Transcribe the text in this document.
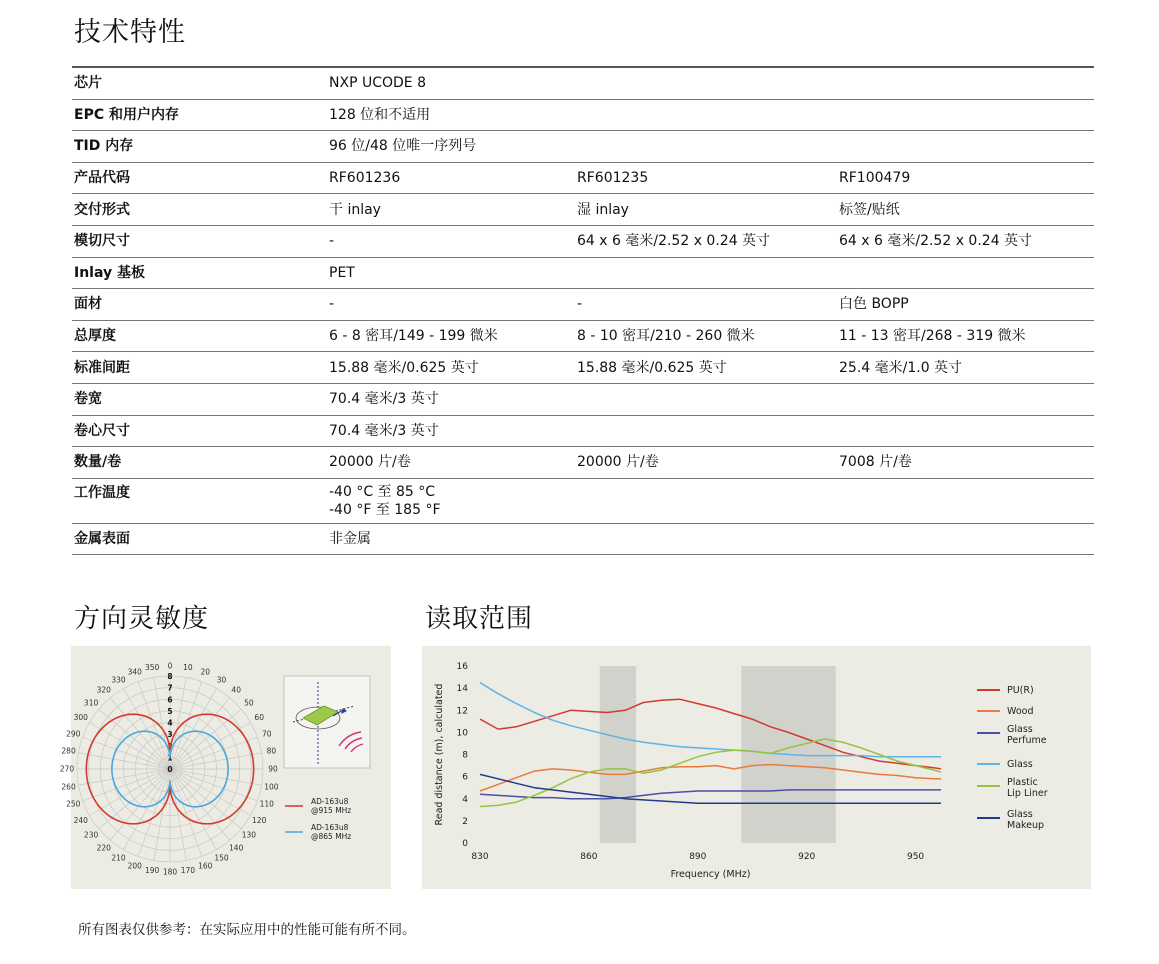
技术特性
芯片	NXP UCODE 8		

EPC 和用户内存	128 位和不适用		

TID 内存	96 位/48 位唯一序列号		

产品代码	RF601236	RF601235	RF100479
交付形式	干 inlay	湿 inlay	标签/贴纸
模切尺寸	-	64 x 6 毫米/2.52 x 0.24 英寸	64 x 6 毫米/2.52 x 0.24 英寸
Inlay 基板	PET		

面材	-	-	白色 BOPP
总厚度	6 - 8 密耳/149 - 199 微米	8 - 10 密耳/210 - 260 微米	11 - 13 密耳/268 - 319 微米
标准间距	15.88 毫米/0.625 英寸	15.88 毫米/0.625 英寸	25.4 毫米/1.0 英寸
卷宽	70.4 毫米/3 英寸		

卷心尺寸	70.4 毫米/3 英寸		

数量/卷	20000 片/卷	20000 片/卷	7008 片/卷
工作温度	-40 °C 至 85 °C
-40 °F 至 185 °F		

金属表面	非金属		

方向灵敏度	读取范围
0 10
20
30
40
50
60
70
80
90
100
110
120
130
140
150
160
170
180
190
200
210
220
230
240
250
260
270
280
290
300
310
320
330
340
350
0
1
2
3
4
5
6
7
8
AD-163u8
@915 MHz
AD-163u8
@865 MHz
0
2
4
6
8
10
12
14
16
830	860	890	920	950
Frequency (MHz)
Read distance (m), calculated	PU(R)
Wood
Glass
Perfume
Glass
Plastic
Lip Liner
Glass
Makeup
所有图表仅供参考：在实际应用中的性能可能有所不同。
